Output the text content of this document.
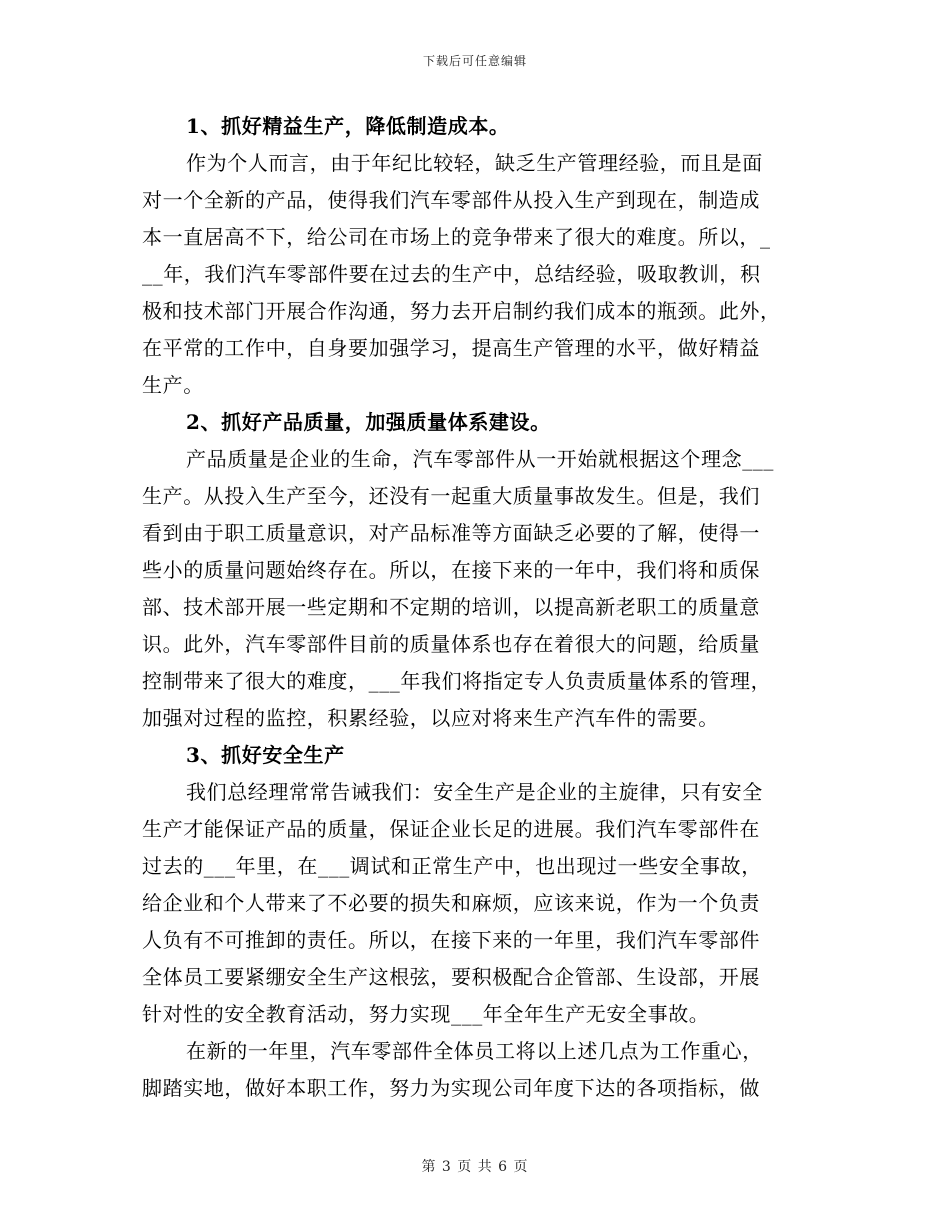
下载后可任意编辑
1、抓好精益生产，降低制造成本。
作为个人而言，由于年纪比较轻，缺乏生产管理经验，而且是面
对一个全新的产品，使得我们汽车零部件从投入生产到现在，制造成
本一直居高不下，给公司在市场上的竞争带来了很大的难度。所以，_
__年，我们汽车零部件要在过去的生产中，总结经验，吸取教训，积
极和技术部门开展合作沟通，努力去开启制约我们成本的瓶颈。此外，
在平常的工作中，自身要加强学习，提高生产管理的水平，做好精益
生产。
2、抓好产品质量，加强质量体系建设。
产品质量是企业的生命，汽车零部件从一开始就根据这个理念___
生产。从投入生产至今，还没有一起重大质量事故发生。但是，我们
看到由于职工质量意识，对产品标准等方面缺乏必要的了解，使得一
些小的质量问题始终存在。所以，在接下来的一年中，我们将和质保
部、技术部开展一些定期和不定期的培训，以提高新老职工的质量意
识。此外，汽车零部件目前的质量体系也存在着很大的问题，给质量
控制带来了很大的难度，___年我们将指定专人负责质量体系的管理，
加强对过程的监控，积累经验，以应对将来生产汽车件的需要。
3、抓好安全生产
我们总经理常常告诫我们：安全生产是企业的主旋律，只有安全
生产才能保证产品的质量，保证企业长足的进展。我们汽车零部件在
过去的___年里，在___调试和正常生产中，也出现过一些安全事故，
给企业和个人带来了不必要的损失和麻烦，应该来说，作为一个负责
人负有不可推卸的责任。所以，在接下来的一年里，我们汽车零部件
全体员工要紧绷安全生产这根弦，要积极配合企管部、生设部，开展
针对性的安全教育活动，努力实现___年全年生产无安全事故。
在新的一年里，汽车零部件全体员工将以上述几点为工作重心，
脚踏实地，做好本职工作，努力为实现公司年度下达的各项指标，做
第 3 页 共 6 页
